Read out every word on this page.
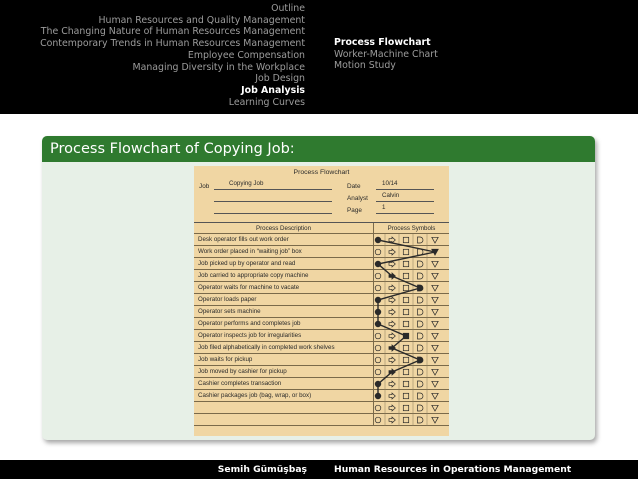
Outline
Human Resources and Quality Management
The Changing Nature of Human Resources Management
Contemporary Trends in Human Resources Management
Employee Compensation
Managing Diversity in the Workplace
Job Design
Job Analysis
Learning Curves
Process Flowchart
Worker-Machine Chart
Motion Study
Process Flowchart of Copying Job:
Process Flowchart
Job	Copying Job	Date	10/14
Analyst Calvin
Page	1
Process Description	Process Symbols
Desk operator fills out work order
Work order placed in “waiting job” box
Job picked up by operator and read
Job carried to appropriate copy machine
Operator waits for machine to vacate
Operator loads paper
Operator sets machine
Operator performs and completes job
Operator inspects job for irregularities
Job filed alphabetically in completed work shelves
Job waits for pickup
Job moved by cashier for pickup
Cashier completes transaction
Cashier packages job (bag, wrap, or box)
Semih Gümüşbaş	Human Resources in Operations Management
